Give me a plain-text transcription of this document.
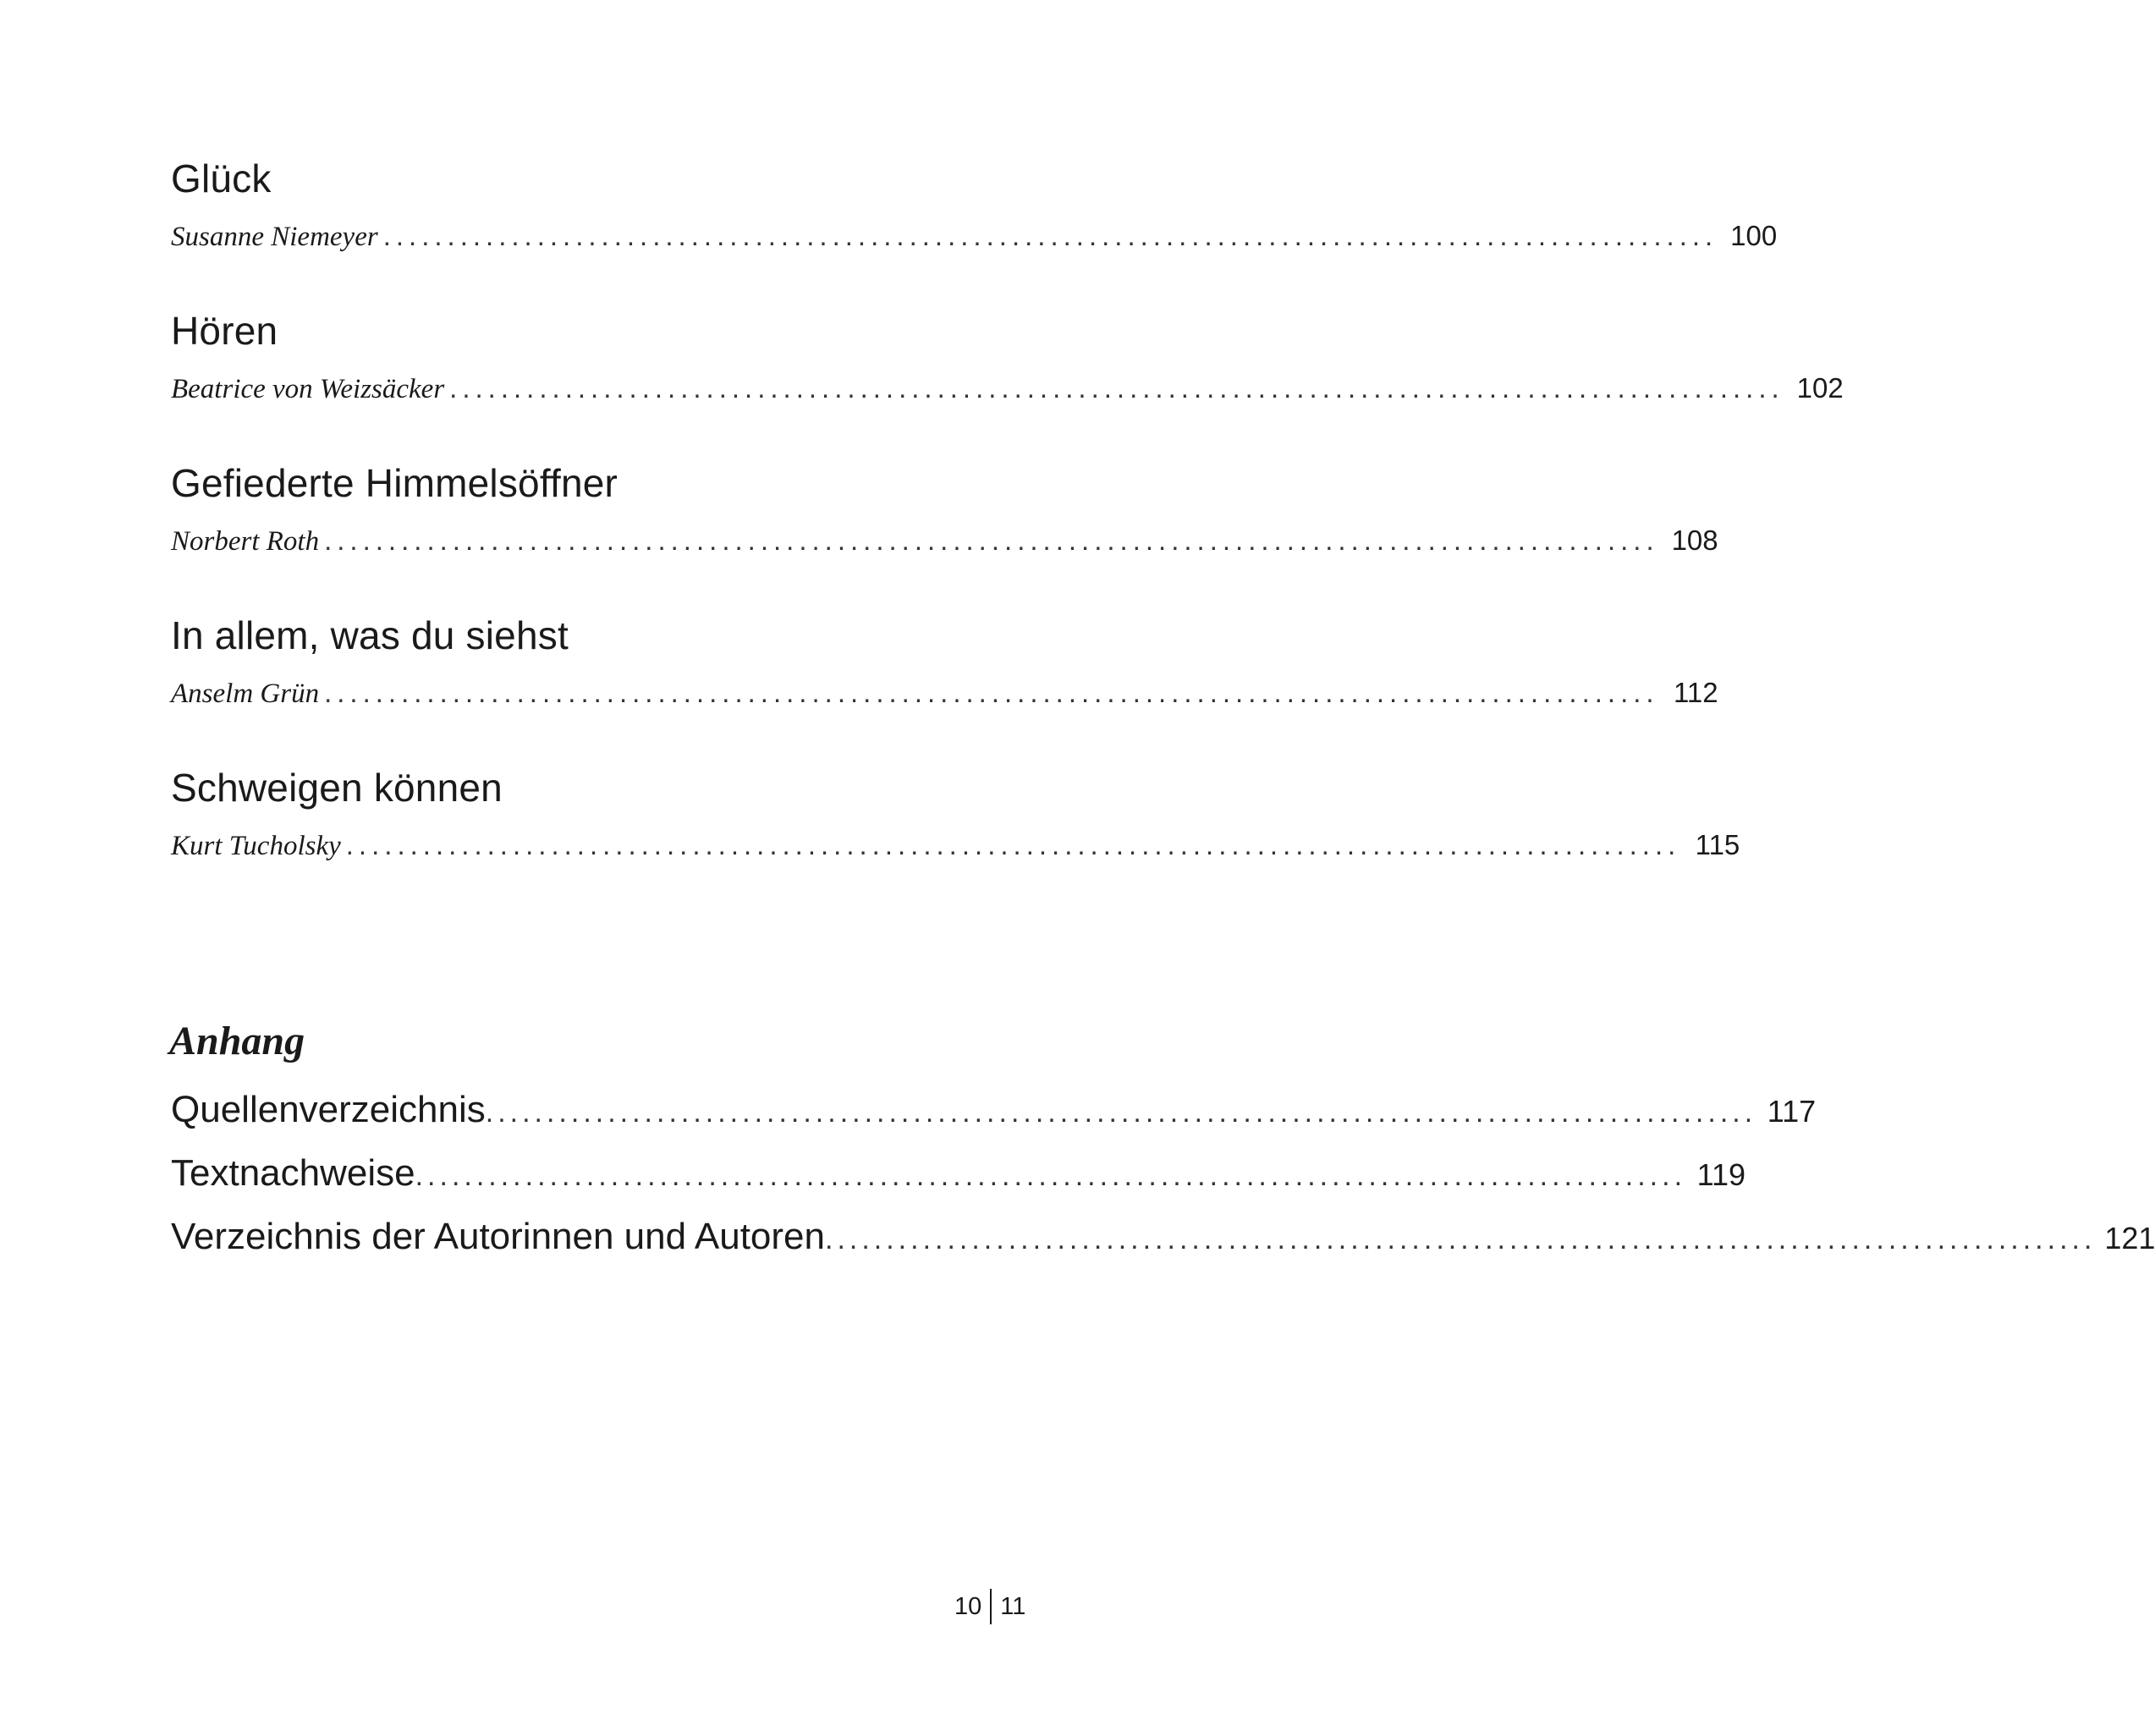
Glück
Susanne Niemeyer ........................................................................................................ 100
Hören
Beatrice von Weizsäcker ........................................................................................................ 102
Gefiederte Himmelsöffner
Norbert Roth ........................................................................................................ 108
In allem, was du siehst
Anselm Grün ........................................................................................................ 112
Schweigen können
Kurt Tucholsky ........................................................................................................ 115
Anhang
Quellenverzeichnis ........................................................................................................ 117
Textnachweise ........................................................................................................ 119
Verzeichnis der Autorinnen und Autoren ........................................................................................................ 121
10 11
